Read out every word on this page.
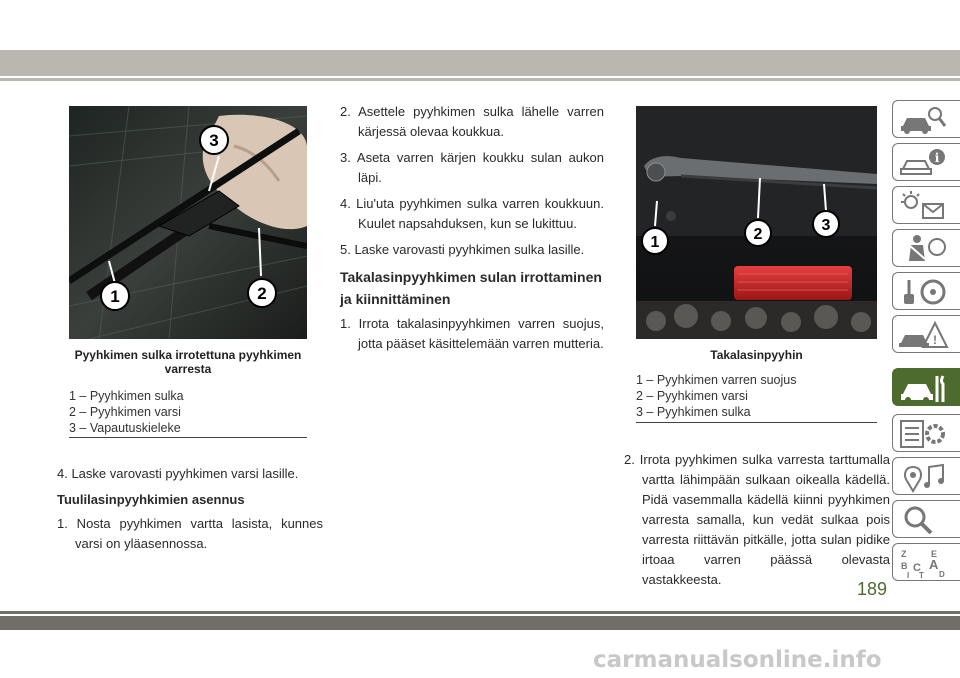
1	2
3
Pyyhkimen sulka irrotettuna pyyhkimen varresta
1 – Pyyhkimen sulka
2 – Pyyhkimen varsi
3 – Vapautuskieleke

4. Laske varovasti pyyhkimen varsi lasille.

Tuulilasinpyyhkimien asennus

1. Nosta pyyhkimen vartta lasista, kunnes varsi on yläasennossa.

2. Asettele pyyhkimen sulka lähelle varren kärjessä olevaa koukkua.

3. Aseta varren kärjen koukku sulan aukon läpi.

4. Liu'uta pyyhkimen sulka varren koukkuun. Kuulet napsahduksen, kun se lukittuu.

5. Laske varovasti pyyhkimen sulka lasille.

Takalasinpyyhkimen sulan irrottaminen ja kiinnittäminen

1. Irrota takalasinpyyhkimen varren suojus, jotta pääset käsittelemään varren mutteria.

1	2
3
Takalasinpyyhin
1 – Pyyhkimen varren suojus
2 – Pyyhkimen varsi
3 – Pyyhkimen sulka

2. Irrota pyyhkimen sulka varresta tarttumalla vartta lähimpään sulkaan oikealla kädellä. Pidä vasemmalla kädellä kiinni pyyhkimen varresta samalla, kun vedät sulkaa pois varresta riittävän pitkälle, jotta sulan pidike irtoaa varren päässä olevasta vastakkeesta.

i
!
Z	E
B A
D
C
I T
189
carmanualsonline.info
